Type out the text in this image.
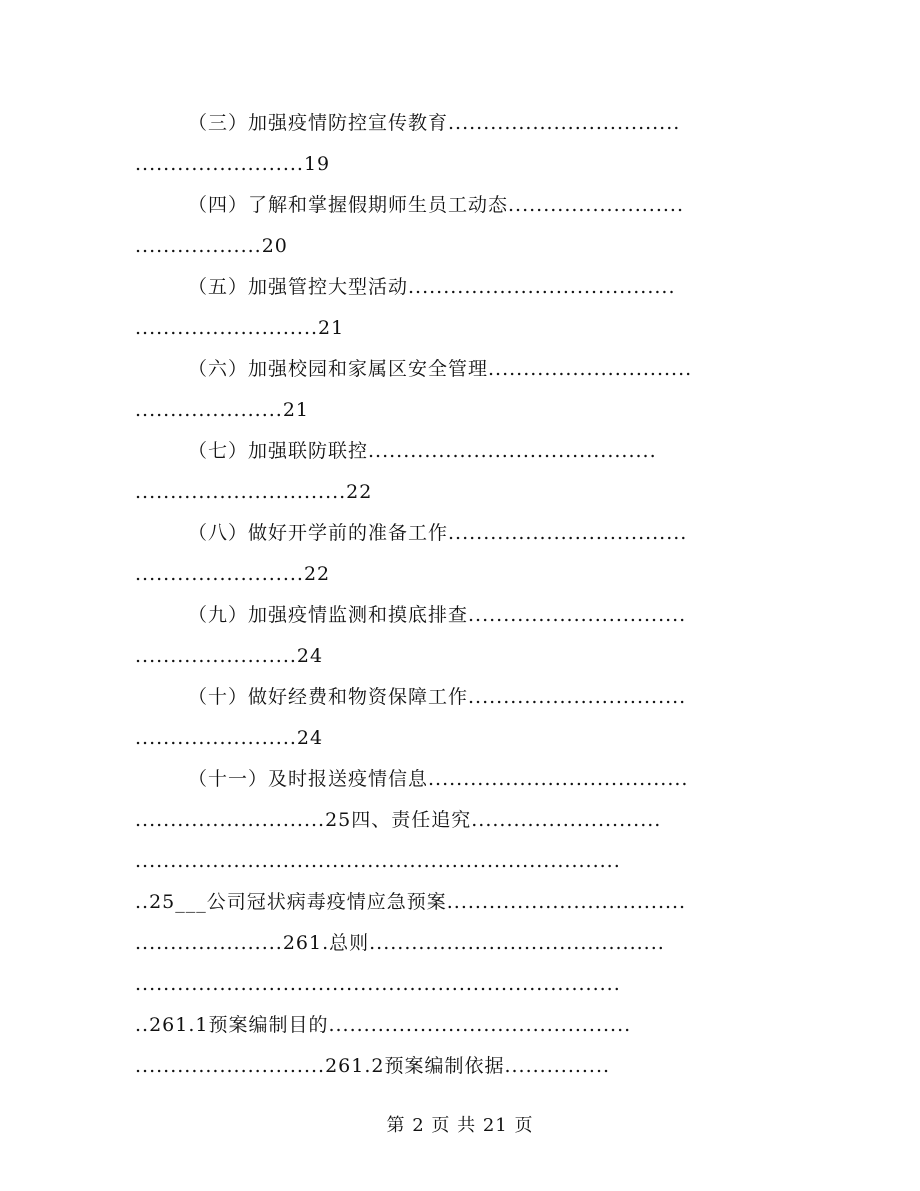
（三）加强疫情防控宣传教育.................................
........................19
（四）了解和掌握假期师生员工动态.........................
..................20
（五）加强管控大型活动......................................
..........................21
（六）加强校园和家属区安全管理.............................
.....................21
（七）加强联防联控.........................................
..............................22
（八）做好开学前的准备工作..................................
........................22
（九）加强疫情监测和摸底排查...............................
.......................24
（十）做好经费和物资保障工作...............................
.......................24
（十一）及时报送疫情信息.....................................
...........................25四、责任追究...........................
.....................................................................
..25___公司冠状病毒疫情应急预案..................................
.....................261.总则..........................................
.....................................................................
..261.1预案编制目的...........................................
...........................261.2预案编制依据...............
第 2 页 共 21 页
